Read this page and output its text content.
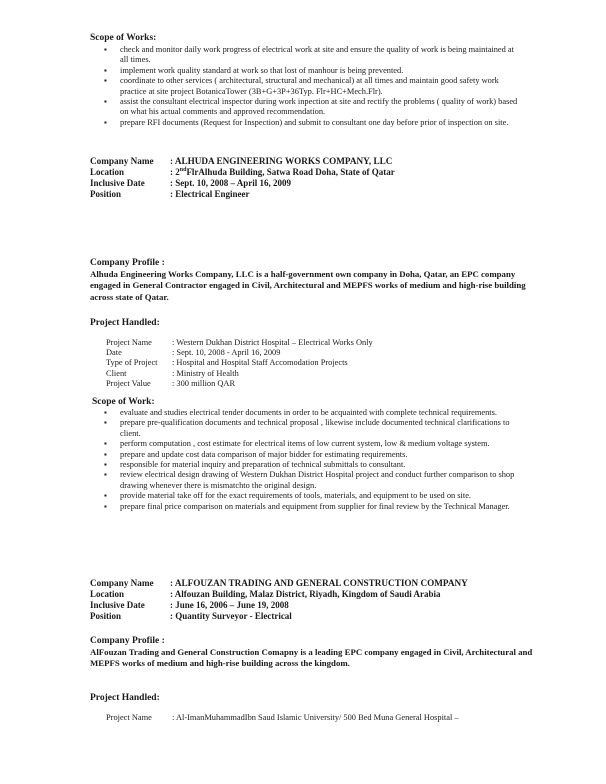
Scope of Works:
▪ check and monitor daily work progress of electrical work at site and ensure the quality of work is being maintained at all times.
▪ implement work quality standard at work so that lost of manhour is being prevented.
▪ coordinate to other services ( architectural, structural and mechanical) at all times and maintain good safety work practice at site project BotanicaTower (3B+G+3P+36Typ. Flr+HC+Mech.Flr).
▪ assist the consultant electrical inspector during work inpection at site and rectify the problems ( quality of work) based on what his actual comments and approved recommendation.
▪ prepare RFI documents (Request for Inspection) and submit to consultant one day before prior of inspection on site.
Company Name	: ALHUDA ENGINEERING WORKS COMPANY, LLC
Location	: 2ndFlrAlhuda Building, Satwa Road Doha, State of Qatar
Inclusive Date	: Sept. 10, 2008 – April 16, 2009
Position	: Electrical Engineer
Company Profile :
Alhuda Engineering Works Company, LLC is a half-government own company in Doha, Qatar, an EPC company engaged in General Contractor engaged in Civil, Architectural and MEPFS works of medium and high-rise building across state of Qatar.
Project Handled:
Project Name	: Western Dukhan District Hospital – Electrical Works Only
Date	: Sept. 10, 2008 - April 16, 2009
Type of Project	: Hospital and Hospital Staff Accomodation Projects
Client	: Ministry of Health
Project Value	: 300 million QAR
Scope of Work:
▪ evaluate and studies electrical tender documents in order to be acquainted with complete technical requirements.
▪ prepare pre-qualification documents and technical proposal , likewise include documented technical clarifications to client.
▪ perform computation , cost estimate for electrical items of low current system, low & medium voltage system.
▪ prepare and update cost data comparison of major bidder for estimating requirements.
▪ responsible for material inquiry and preparation of technical submittals to consultant.
▪ review electrical design drawing of Western Dukhan District Hospital project and conduct further comparison to shop drawing whenever there is mismatchto the original design.
▪ provide material take off for the exact requirements of tools, materials, and equipment to be used on site.
▪ prepare final price comparison on materials and equipment from supplier for final review by the Technical Manager.
Company Name	: ALFOUZAN TRADING AND GENERAL CONSTRUCTION COMPANY
Location	: Alfouzan Building, Malaz District, Riyadh, Kingdom of Saudi Arabia
Inclusive Date	: June 16, 2006 – June 19, 2008
Position	: Quantity Surveyor - Electrical
Company Profile :
AlFouzan Trading and General Construction Comapny is a leading EPC company engaged in Civil, Architectural and MEPFS works of medium and high-rise building across the kingdom.
Project Handled:
Project Name	: Al-ImanMuhammadIbn Saud Islamic University/ 500 Bed Muna General Hospital –
